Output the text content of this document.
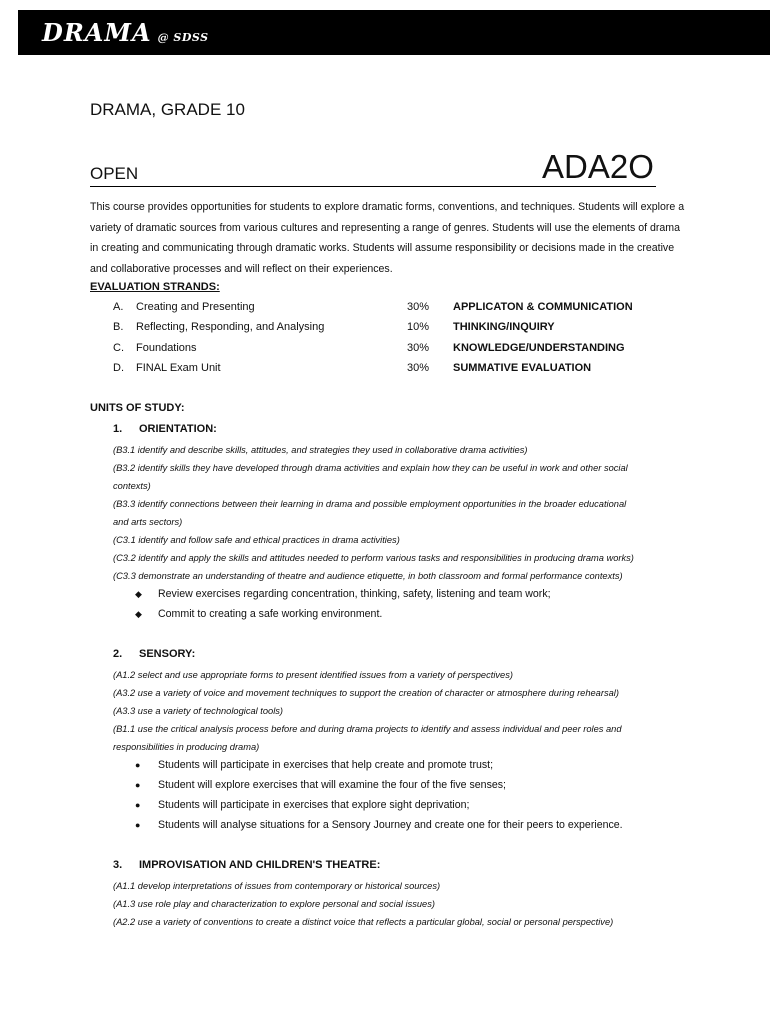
DRAMA @ SDSS
DRAMA, GRADE 10
OPEN	ADA2O
This course provides opportunities for students to explore dramatic forms, conventions, and techniques. Students will explore a variety of dramatic sources from various cultures and representing a range of genres. Students will use the elements of drama in creating and communicating through dramatic works. Students will assume responsibility or decisions made in the creative and collaborative processes and will reflect on their experiences.
EVALUATION STRANDS:
A. Creating and Presenting	30% APPLICATON & COMMUNICATION
B. Reflecting, Responding, and Analysing	10% THINKING/INQUIRY
C. Foundations	30% KNOWLEDGE/UNDERSTANDING
D. FINAL Exam Unit	30% SUMMATIVE EVALUATION
UNITS OF STUDY:
1. ORIENTATION:
(B3.1 identify and describe skills, attitudes, and strategies they used in collaborative drama activities)
(B3.2 identify skills they have developed through drama activities and explain how they can be useful in work and other social
contexts)
(B3.3 identify connections between their learning in drama and possible employment opportunities in the broader educational
and arts sectors)
(C3.1 identify and follow safe and ethical practices in drama activities)
(C3.2 identify and apply the skills and attitudes needed to perform various tasks and responsibilities in producing drama works)
(C3.3 demonstrate an understanding of theatre and audience etiquette, in both classroom and formal performance contexts)
◆ Review exercises regarding concentration, thinking, safety, listening and team work;
◆ Commit to creating a safe working environment.
2. SENSORY:
(A1.2 select and use appropriate forms to present identified issues from a variety of perspectives)
(A3.2 use a variety of voice and movement techniques to support the creation of character or atmosphere during rehearsal)
(A3.3 use a variety of technological tools)
(B1.1 use the critical analysis process before and during drama projects to identify and assess individual and peer roles and
responsibilities in producing drama)
● Students will participate in exercises that help create and promote trust;
● Student will explore exercises that will examine the four of the five senses;
● Students will participate in exercises that explore sight deprivation;
● Students will analyse situations for a Sensory Journey and create one for their peers to experience.
3. IMPROVISATION AND CHILDREN'S THEATRE:
(A1.1 develop interpretations of issues from contemporary or historical sources)
(A1.3 use role play and characterization to explore personal and social issues)
(A2.2 use a variety of conventions to create a distinct voice that reflects a particular global, social or personal perspective)
